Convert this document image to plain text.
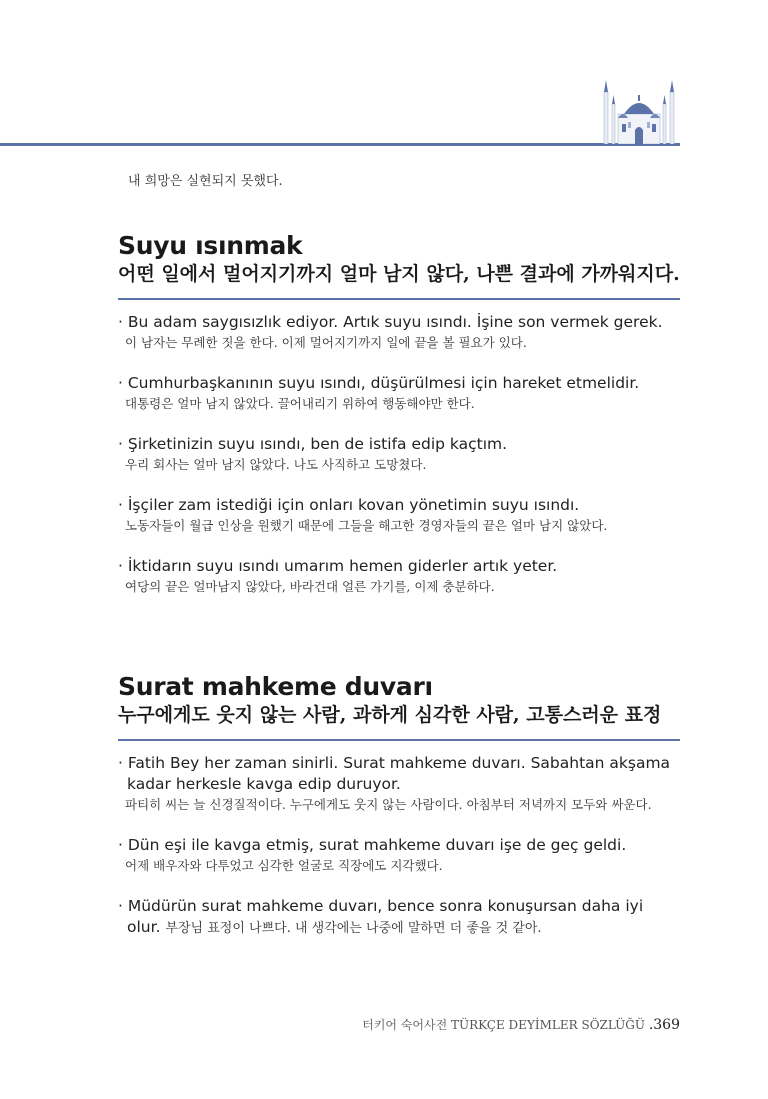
내 희망은 실현되지 못했다.
Suyu ısınmak
어떤 일에서 멀어지기까지 얼마 남지 않다, 나쁜 결과에 가까워지다.
· Bu adam saygısızlık ediyor. Artık suyu ısındı. İşine son vermek gerek.
이 남자는 무례한 짓을 한다. 이제 멀어지기까지 일에 끝을 볼 필요가 있다.
· Cumhurbaşkanının suyu ısındı, düşürülmesi için hareket etmelidir.
대통령은 얼마 남지 않았다. 끌어내리기 위하여 행동해야만 한다.
· Şirketinizin suyu ısındı, ben de istifa edip kaçtım.
우리 회사는 얼마 남지 않았다. 나도 사직하고 도망쳤다.
· İşçiler zam istediği için onları kovan yönetimin suyu ısındı.
노동자들이 월급 인상을 원했기 때문에 그들을 해고한 경영자들의 끝은 얼마 남지 않았다.
· İktidarın suyu ısındı umarım hemen giderler artık yeter.
여당의 끝은 얼마남지 않았다, 바라건대 얼른 가기를, 이제 충분하다.
Surat mahkeme duvarı
누구에게도 웃지 않는 사람, 과하게 심각한 사람, 고통스러운 표정
· Fatih Bey her zaman sinirli. Surat mahkeme duvarı. Sabahtan akşama kadar herkesle kavga edip duruyor.
파티히 씨는 늘 신경질적이다. 누구에게도 웃지 않는 사람이다. 아침부터 저녁까지 모두와 싸운다.
· Dün eşi ile kavga etmiş, surat mahkeme duvarı işe de geç geldi.
어제 배우자와 다투었고 심각한 얼굴로 직장에도 지각했다.
· Müdürün surat mahkeme duvarı, bence sonra konuşursan daha iyi
olur. 부장님 표정이 나쁘다. 내 생각에는 나중에 말하면 더 좋을 것 같아.
터키어 숙어사전 TÜRKÇE DEYİMLER SÖZLÜĞÜ .369
